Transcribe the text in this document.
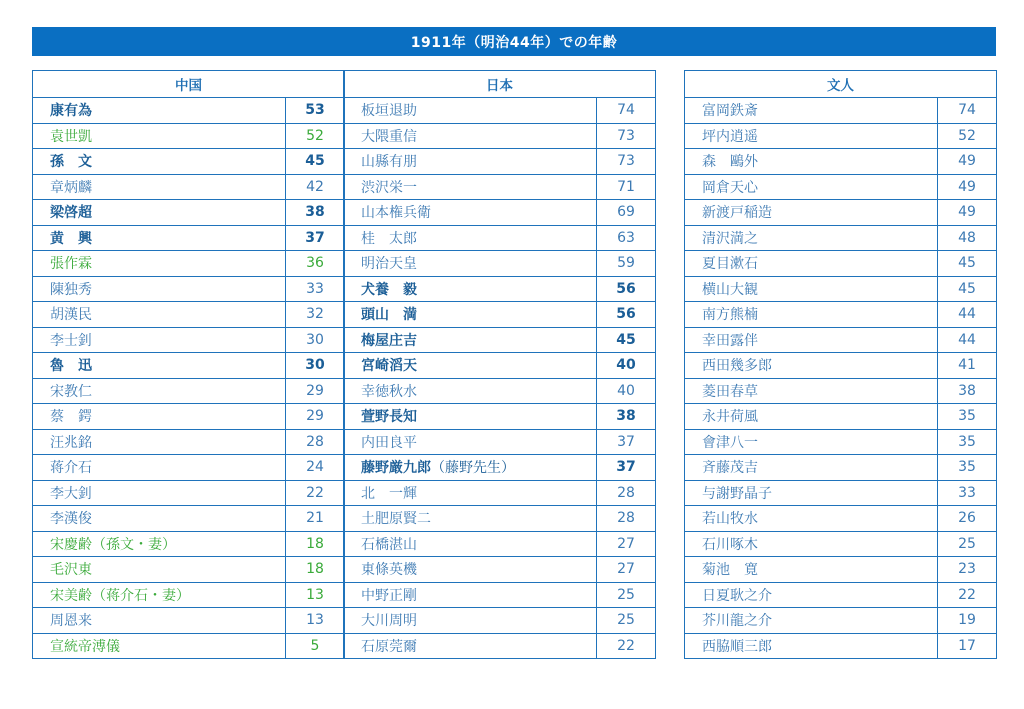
1911年（明治44年）での年齢
中国	
康有為	53
袁世凱	52
孫　文	45
章炳麟	42
梁啓超	38
黄　興	37
張作霖	36
陳独秀	33
胡漢民	32
李士釗	30
魯　迅	30
宋教仁	29
蔡　鍔	29
汪兆銘	28
蒋介石	24
李大釗	22
李漢俊	21
宋慶齢（孫文・妻）	18
毛沢東	18
宋美齢（蒋介石・妻）	13
周恩来	13
宣統帝溥儀	5
日本	
板垣退助	74
大隈重信	73
山縣有朋	73
渋沢栄一	71
山本権兵衛	69
桂　太郎	63
明治天皇	59
犬養　毅	56
頭山　満	56
梅屋庄吉	45
宮崎滔天	40
幸徳秋水	40
萱野長知	38
内田良平	37
藤野厳九郎（藤野先生）	37
北　一輝	28
土肥原賢二	28
石橋湛山	27
東條英機	27
中野正剛	25
大川周明	25
石原莞爾	22
文人	
富岡鉄斎	74
坪内逍遥	52
森　鷗外	49
岡倉天心	49
新渡戸稲造	49
清沢満之	48
夏目漱石	45
横山大観	45
南方熊楠	44
幸田露伴	44
西田幾多郎	41
菱田春草	38
永井荷風	35
會津八一	35
斉藤茂吉	35
与謝野晶子	33
若山牧水	26
石川啄木	25
菊池　寛	23
日夏耿之介	22
芥川龍之介	19
西脇順三郎	17
